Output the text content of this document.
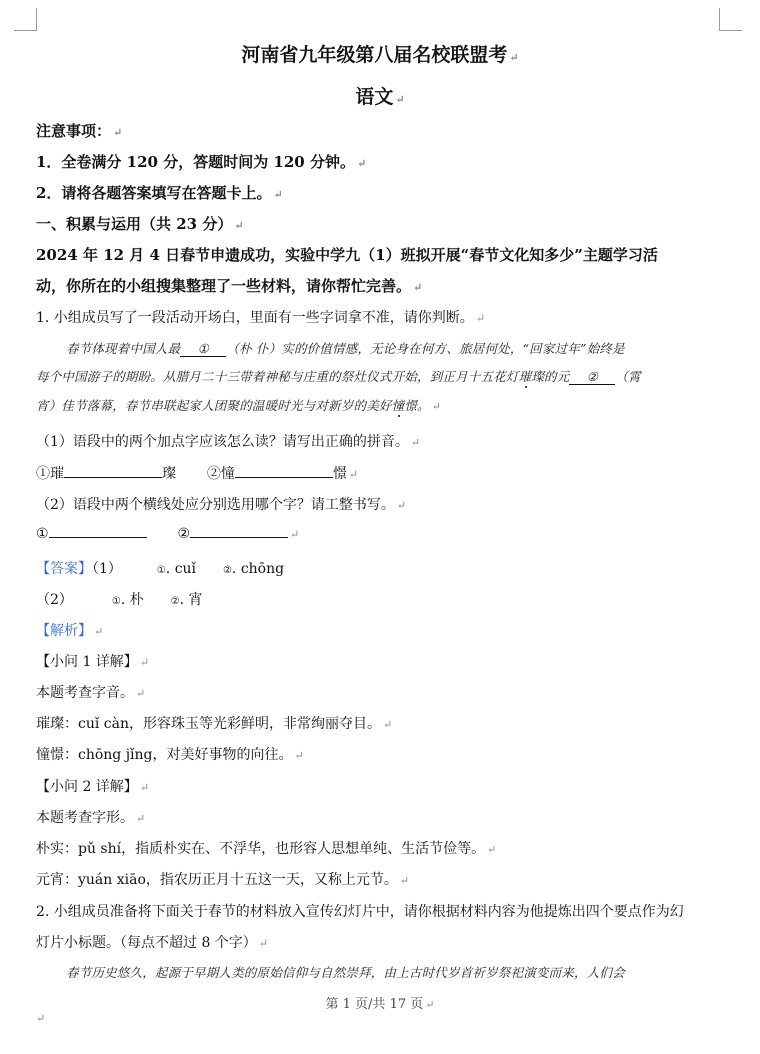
河南省九年级第八届名校联盟考 ↵
语文 ↵
注意事项： ↵
1．全卷满分 120 分，答题时间为 120 分钟。 ↵
2．请将各题答案填写在答题卡上。 ↵
一、积累与运用（共 23 分） ↵
2024 年 12 月 4 日春节申遗成功，实验中学九（1）班拟开展“春节文化知多少”主题学习活
动，你所在的小组搜集整理了一些材料，请你帮忙完善。 ↵
1. 小组成员写了一段活动开场白，里面有一些字词拿不准，请你判断。 ↵
春节体现着中国人最 ① （朴 仆）实的价值情感，无论身在何方、旅居何处，“回家过年”始终是
每个中国游子的期盼。从腊月二十三带着神秘与庄重的祭灶仪式开始，到正月十五花灯璀璨的元 ② （霄
宵）佳节落幕，春节串联起家人团聚的温暖时光与对新岁的美好憧憬。 ↵
（1）语段中的两个加点字应该怎么读？请写出正确的拼音。 ↵
①璀	璨 ②憧	憬 ↵
（2）语段中两个横线处应分别选用哪个字？请工整书写。 ↵
①	②	↵
【答案】（1）	①. cuǐ	②. chōng
（2）	①. 朴	②. 宵
【解析】 ↵
【小问 1 详解】 ↵
本题考查字音。 ↵
璀璨：cuǐ càn，形容珠玉等光彩鲜明，非常绚丽夺目。 ↵
憧憬：chōng jǐng，对美好事物的向往。 ↵
【小问 2 详解】 ↵
本题考查字形。 ↵
朴实：pǔ shí，指质朴实在、不浮华，也形容人思想单纯、生活节俭等。 ↵
元宵：yuán xiāo，指农历正月十五这一天，又称上元节。 ↵
2. 小组成员准备将下面关于春节的材料放入宣传幻灯片中，请你根据材料内容为他提炼出四个要点作为幻
灯片小标题。（每点不超过 8 个字） ↵
春节历史悠久，起源于早期人类的原始信仰与自然崇拜，由上古时代岁首祈岁祭祀演变而来，人们会
第 1 页/共 17 页 ↵
↵
